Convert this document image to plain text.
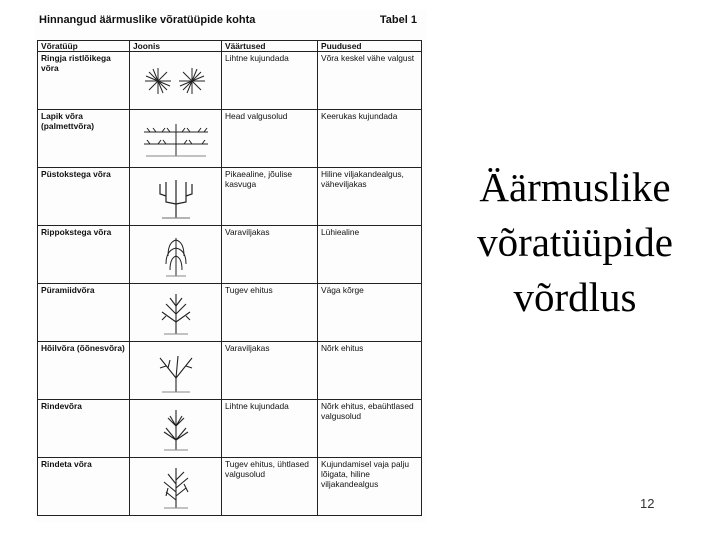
Hinnangud äärmuslike võratüüpide kohta	Tabel 1
Võratüüp	Joonis	Väärtused	Puudused
Ringja ristlõikega võra		Lihtne kujundada	Võra keskel vähe valgust
Lapik võra (palmettvõra)		Head valgusolud	Keerukas kujundada
Püstokstega võra		Pikaealine, jõulise kasvuga	Hiline viljakandealgus, vähevilјakas
Rippokstega võra		Varaviljakas	Lühiealine
Püramiidvõra		Tugev ehitus	Väga kõrge
Hõilvõra (õõnesvõra)		Varaviljakas	Nõrk ehitus
Rindevõra		Lihtne kujundada	Nõrk ehitus, ebaühtlased valgusolud
Rindeta võra		Tugev ehitus, ühtlased valgusolud	Kujundamisel vaja palju lõigata, hiline viljakandealgus
Äärmuslike
võratüüpide
võrdlus
12
